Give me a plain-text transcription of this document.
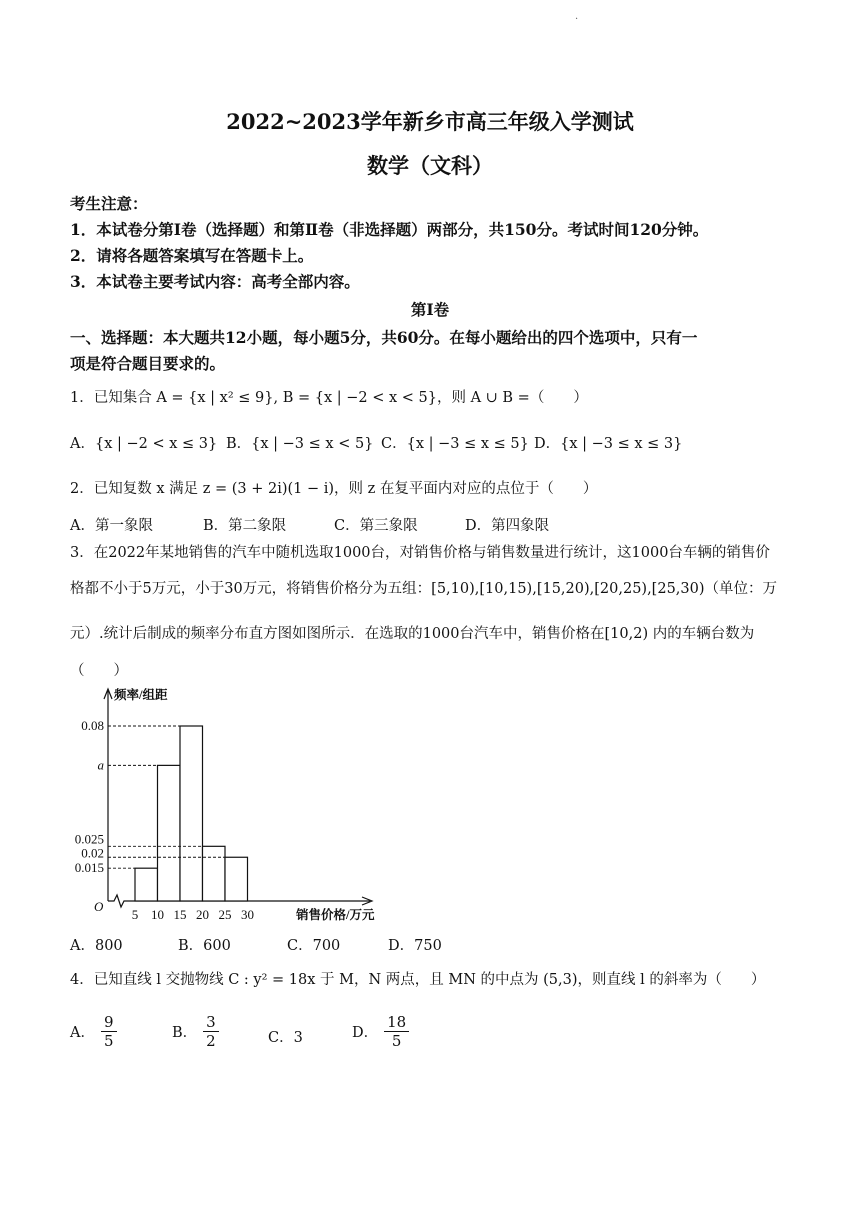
·
2022~2023学年新乡市高三年级入学测试
数学（文科）
考生注意：
1．本试卷分第Ⅰ卷（选择题）和第Ⅱ卷（非选择题）两部分，共150分。考试时间120分钟。
2．请将各题答案填写在答题卡上。
3．本试卷主要考试内容：高考全部内容。
第Ⅰ卷
一、选择题：本大题共12小题，每小题5分，共60分。在每小题给出的四个选项中，只有一
项是符合题目要求的。
1．已知集合 A = {x | x² ≤ 9}, B = {x | −2 < x < 5}，则 A ∪ B =（　　）
A．{x | −2 < x ≤ 3} B．{x | −3 ≤ x < 5} C．{x | −3 ≤ x ≤ 5} D．{x | −3 ≤ x ≤ 3}
2．已知复数 x 满足 z = (3 + 2i)(1 − i)，则 z 在复平面内对应的点位于（　　）
A．第一象限	B．第二象限	C．第三象限	D．第四象限
3．在2022年某地销售的汽车中随机选取1000台，对销售价格与销售数量进行统计，这1000台车辆的销售价
格都不小于5万元，小于30万元，将销售价格分为五组：[5,10),[10,15),[15,20),[20,25),[25,30)（单位：万
元）.统计后制成的频率分布直方图如图所示．在选取的1000台汽车中，销售价格在[10,2) 内的车辆台数为
（　　）
0.015
0.02
0.025
a
0.08
5 10 15 20 25 30
O
频率/组距
销售价格/万元
A．800	B．600	C．700	D．750
4．已知直线 l 交抛物线 C : y² = 18x 于 M，N 两点，且 MN 的中点为 (5,3)，则直线 l 的斜率为（　　）
A． $\frac{9}{5}$	B． $\frac{3}{2}$	C．3	D． $\frac{18}{5}$
